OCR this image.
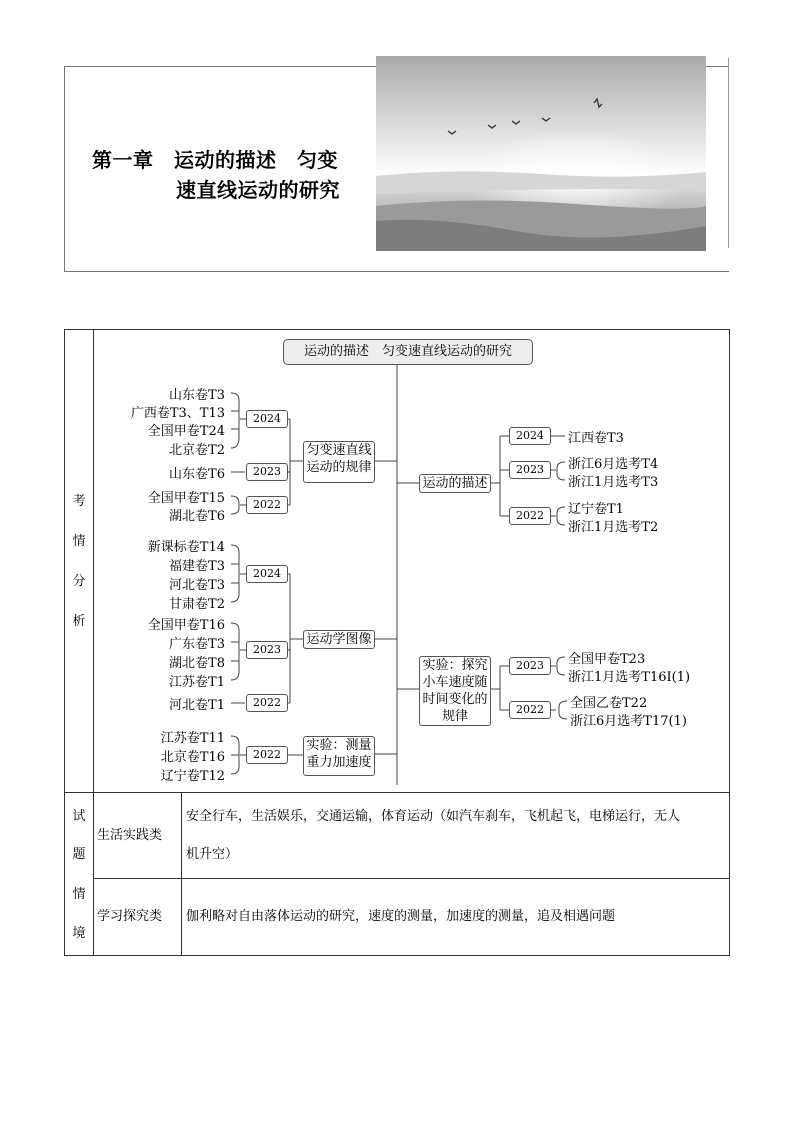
第一章　运动的描述　匀变
速直线运动的研究
考
情
分
析
试
题
情
境
生活实践类
安全行车，生活娱乐，交通运输，体育运动（如汽车刹车，飞机起飞，电梯运行，无人
机升空）
学习探究类 伽利略对自由落体运动的研究，速度的测量，加速度的测量，追及相遇问题
运动的描述　匀变速直线运动的研究
匀变速直线
运动的规律
运动学图像
实验：测量
重力加速度
运动的描述
实验：探究
小车速度随
时间变化的
规律
2024
2023
2022
2024
2023
2022
2022
2024
2023
2022
2023
2022
山东卷T3
广西卷T3、T13
全国甲卷T24
北京卷T2
山东卷T6
全国甲卷T15
湖北卷T6
新课标卷T14
福建卷T3
河北卷T3
甘肃卷T2
全国甲卷T16
广东卷T3
湖北卷T8
江苏卷T1
河北卷T1
江苏卷T11
北京卷T16
辽宁卷T12
江西卷T3
浙江6月选考T4
浙江1月选考T3
辽宁卷T1
浙江1月选考T2
全国甲卷T23
浙江1月选考T16Ⅰ(1)
全国乙卷T22
浙江6月选考T17(1)
